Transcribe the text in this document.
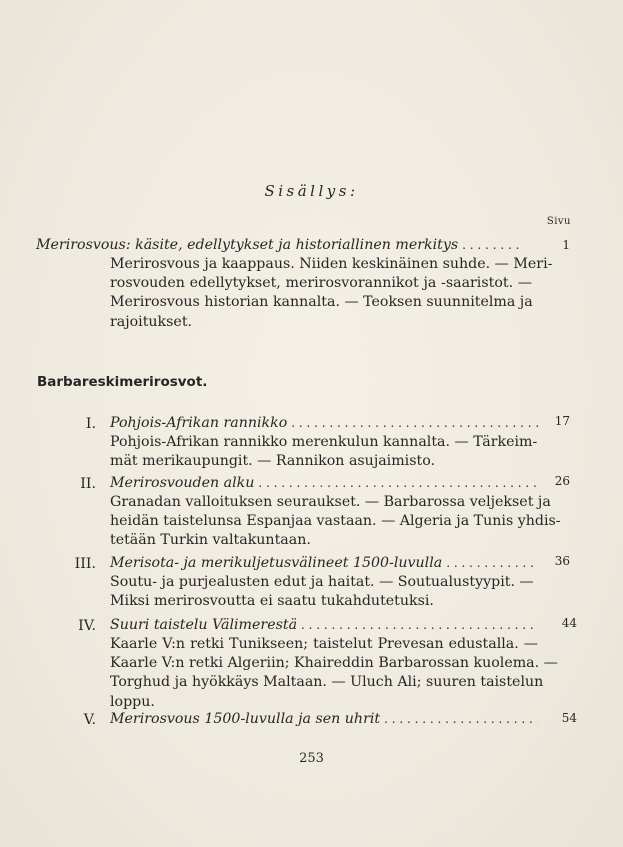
Sisällys:
Sivu
Merirosvous: käsite, edellytykset ja historiallinen merkitys . . .	1
Merirosvous ja kaappaus. Niiden keskinäinen suhde. — Meri-
rosvouden edellytykset, merirosvorannikot ja -saaristot. —
Merirosvous historian kannalta. — Teoksen suunnitelma ja
rajoitukset.
Barbareskimerirosvot.
I. Pohjois-Afrikan rannikko . . .	17
Pohjois-Afrikan rannikko merenkulun kannalta. — Tärkeim-
mät merikaupungit. — Rannikon asujaimisto.
II. Merirosvouden alku . . .	26
Granadan valloituksen seuraukset. — Barbarossa veljekset ja
heidän taistelunsa Espanjaa vastaan. — Algeria ja Tunis yhdis-
tetään Turkin valtakuntaan.
III. Merisota- ja merikuljetusvälineet 1500-luvulla . . .	36
Soutu- ja purjealusten edut ja haitat. — Soutualustyypit. —
Miksi merirosvoutta ei saatu tukahdutetuksi.
IV. Suuri taistelu Välimerestä . . .	44
Kaarle V:n retki Tunikseen; taistelut Prevesan edustalla. —
Kaarle V:n retki Algeriin; Khaireddin Barbarossan kuolema. —
Torghud ja hyökkäys Maltaan. — Uluch Ali; suuren taistelun
loppu.
V. Merirosvous 1500-luvulla ja sen uhrit . . .	54
253
